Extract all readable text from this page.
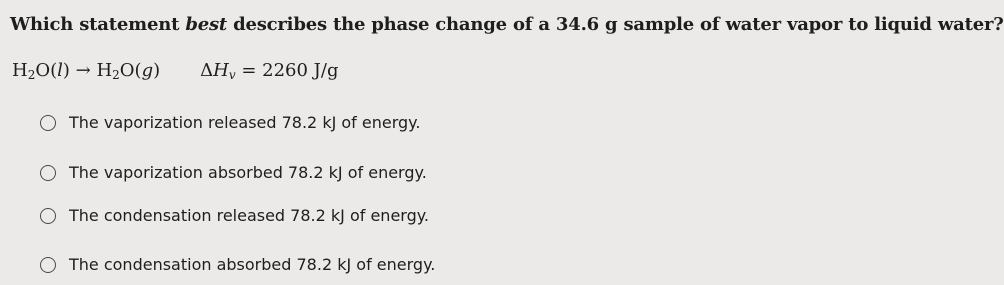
Which statement best describes the phase change of a 34.6 g sample of water vapor to liquid water?
$H_2O(l) \to H_2O(g) \Delta H_v = 2260$ J/g
The vaporization released 78.2 kJ of energy.
The vaporization absorbed 78.2 kJ of energy.
The condensation released 78.2 kJ of energy.
The condensation absorbed 78.2 kJ of energy.
